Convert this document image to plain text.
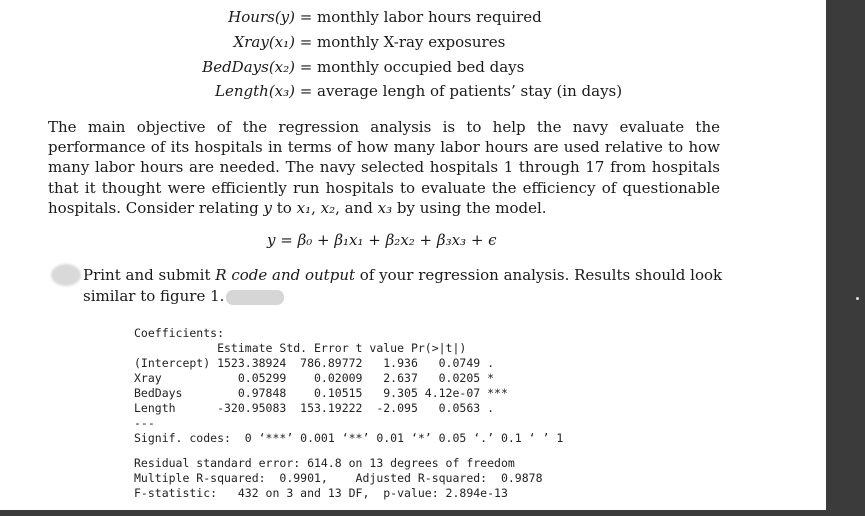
Hours(y) = monthly labor hours required
Xray(x₁) = monthly X-ray exposures
BedDays(x₂) = monthly occupied bed days
Length(x₃) = average lengh of patients’ stay (in days)

The main objective of the regression analysis is to help the navy evaluate the performance of its hospitals in terms of how many labor hours are used relative to how many labor hours are needed. The navy selected hospitals 1 through 17 from hospitals that it thought were efficiently run hospitals to evaluate the efficiency of questionable hospitals. Consider relating y to x₁, x₂, and x₃ by using the model.

y = β₀ + β₁x₁ + β₂x₂ + β₃x₃ + ϵ
Print and submit R code and output of your regression analysis. Results should look similar to figure 1.
Coefficients:
Estimate Std. Error t value Pr(>|t|)
(Intercept) 1523.38924  786.89772   1.936   0.0749 .
Xray           0.05299    0.02009   2.637   0.0205 *
BedDays        0.97848    0.10515   9.305 4.12e-07 ***
Length      -320.95083  153.19222  -2.095   0.0563 .
---
Signif. codes:  0 ‘***’ 0.001 ‘**’ 0.01 ‘*’ 0.05 ‘.’ 0.1 ‘ ’ 1
Residual standard error: 614.8 on 13 degrees of freedom
Multiple R-squared:  0.9901,    Adjusted R-squared:  0.9878
F-statistic:   432 on 3 and 13 DF,  p-value: 2.894e-13
